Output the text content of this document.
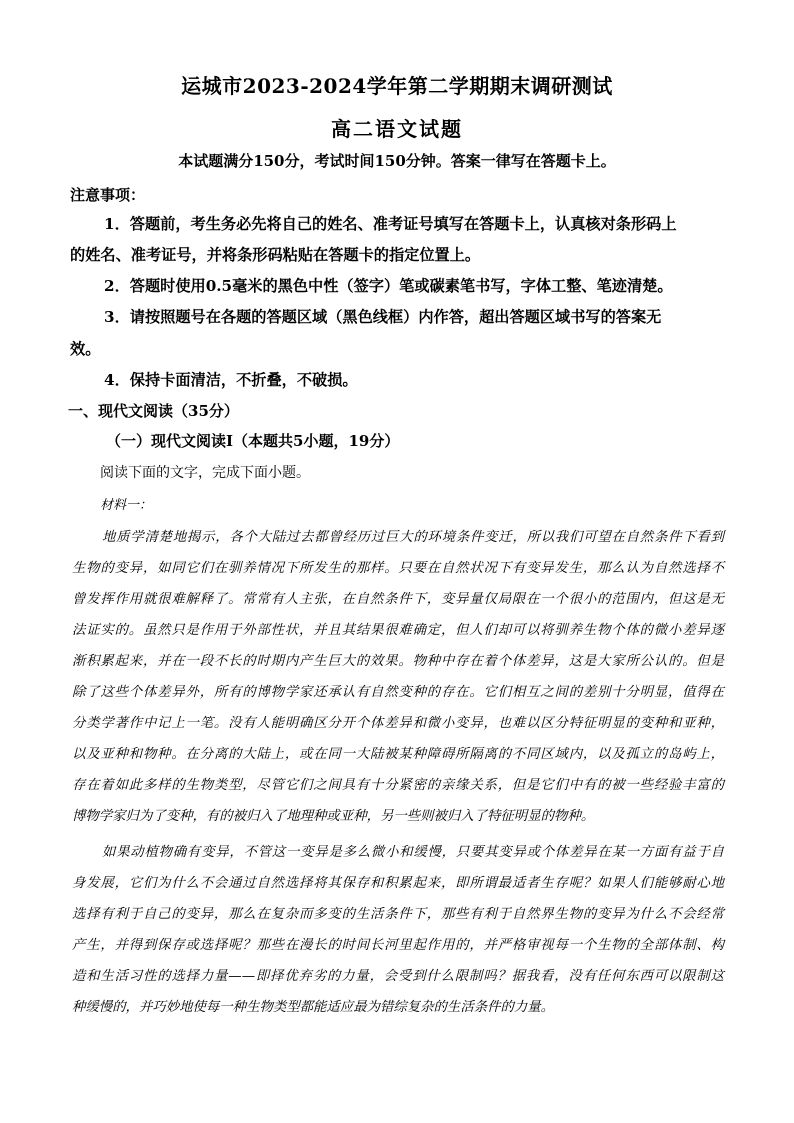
运城市2023-2024学年第二学期期末调研测试
高二语文试题
本试题满分150分，考试时间150分钟。答案一律写在答题卡上。
注意事项：
1．答题前，考生务必先将自己的姓名、准考证号填写在答题卡上，认真核对条形码上
的姓名、准考证号，并将条形码粘贴在答题卡的指定位置上。
2．答题时使用0.5毫米的黑色中性（签字）笔或碳素笔书写，字体工整、笔迹清楚。
3．请按照题号在各题的答题区域（黑色线框）内作答，超出答题区域书写的答案无
效。
4．保持卡面清洁，不折叠，不破损。
一、现代文阅读（35分）
（一）现代文阅读Ⅰ（本题共5小题，19分）
阅读下面的文字，完成下面小题。
材料一：
地质学清楚地揭示，各个大陆过去都曾经历过巨大的环境条件变迁，所以我们可望在自然条件下看到
生物的变异，如同它们在驯养情况下所发生的那样。只要在自然状况下有变异发生，那么认为自然选择不
曾发挥作用就很难解释了。常常有人主张，在自然条件下，变异量仅局限在一个很小的范围内，但这是无
法证实的。虽然只是作用于外部性状，并且其结果很难确定，但人们却可以将驯养生物个体的微小差异逐
渐积累起来，并在一段不长的时期内产生巨大的效果。物种中存在着个体差异，这是大家所公认的。但是
除了这些个体差异外，所有的博物学家还承认有自然变种的存在。它们相互之间的差别十分明显，值得在
分类学著作中记上一笔。没有人能明确区分开个体差异和微小变异，也难以区分特征明显的变种和亚种，
以及亚种和物种。在分离的大陆上，或在同一大陆被某种障碍所隔离的不同区域内，以及孤立的岛屿上，
存在着如此多样的生物类型，尽管它们之间具有十分紧密的亲缘关系，但是它们中有的被一些经验丰富的
博物学家归为了变种，有的被归入了地理种或亚种，另一些则被归入了特征明显的物种。
如果动植物确有变异，不管这一变异是多么微小和缓慢，只要其变异或个体差异在某一方面有益于自
身发展，它们为什么不会通过自然选择将其保存和积累起来，即所谓最适者生存呢？如果人们能够耐心地
选择有利于自己的变异，那么在复杂而多变的生活条件下，那些有利于自然界生物的变异为什么不会经常
产生，并得到保存或选择呢？那些在漫长的时间长河里起作用的，并严格审视每一个生物的全部体制、构
造和生活习性的选择力量——即择优弃劣的力量，会受到什么限制吗？据我看，没有任何东西可以限制这
种缓慢的，并巧妙地使每一种生物类型都能适应最为错综复杂的生活条件的力量。
